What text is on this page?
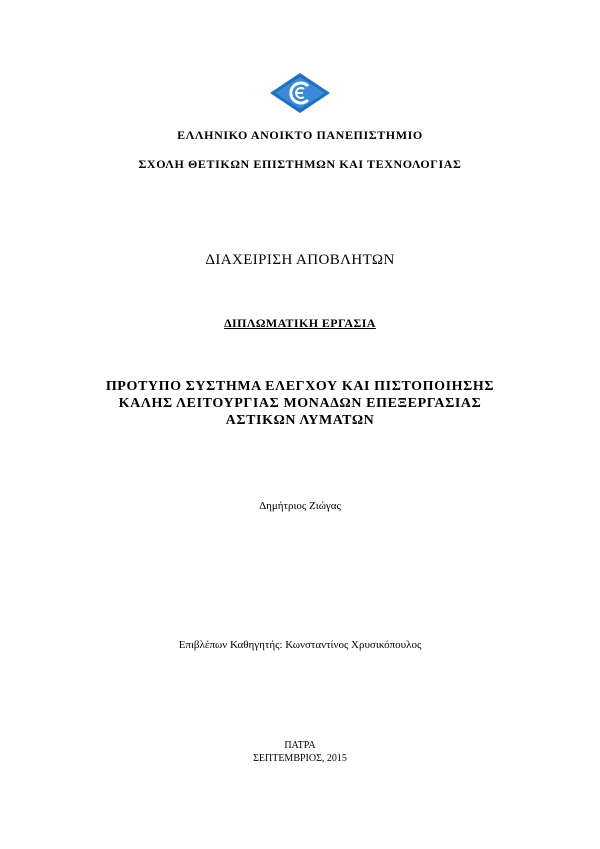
ΕΛΛΗΝΙΚΟ ΑΝΟΙΚΤΟ ΠΑΝΕΠΙΣΤΗΜΙΟ
ΣΧΟΛΗ ΘΕΤΙΚΩΝ ΕΠΙΣΤΗΜΩΝ ΚΑΙ ΤΕΧΝΟΛΟΓΙΑΣ
ΔΙΑΧΕΙΡΙΣΗ ΑΠΟΒΛΗΤΩΝ
ΔΙΠΛΩΜΑΤΙΚΗ ΕΡΓΑΣΙΑ
ΠΡΟΤΥΠΟ ΣΥΣΤΗΜΑ ΕΛΕΓΧΟΥ ΚΑΙ ΠΙΣΤΟΠΟΙΗΣΗΣ
ΚΑΛΗΣ ΛΕΙΤΟΥΡΓΙΑΣ ΜΟΝΑΔΩΝ ΕΠΕΞΕΡΓΑΣΙΑΣ
ΑΣΤΙΚΩΝ ΛΥΜΑΤΩΝ
Δημήτριος Ζιώγας
Επιβλέπων Καθηγητής: Κωνσταντίνος Χρυσικόπουλος
ΠΑΤΡΑ
ΣΕΠΤΕΜΒΡΙΟΣ, 2015
